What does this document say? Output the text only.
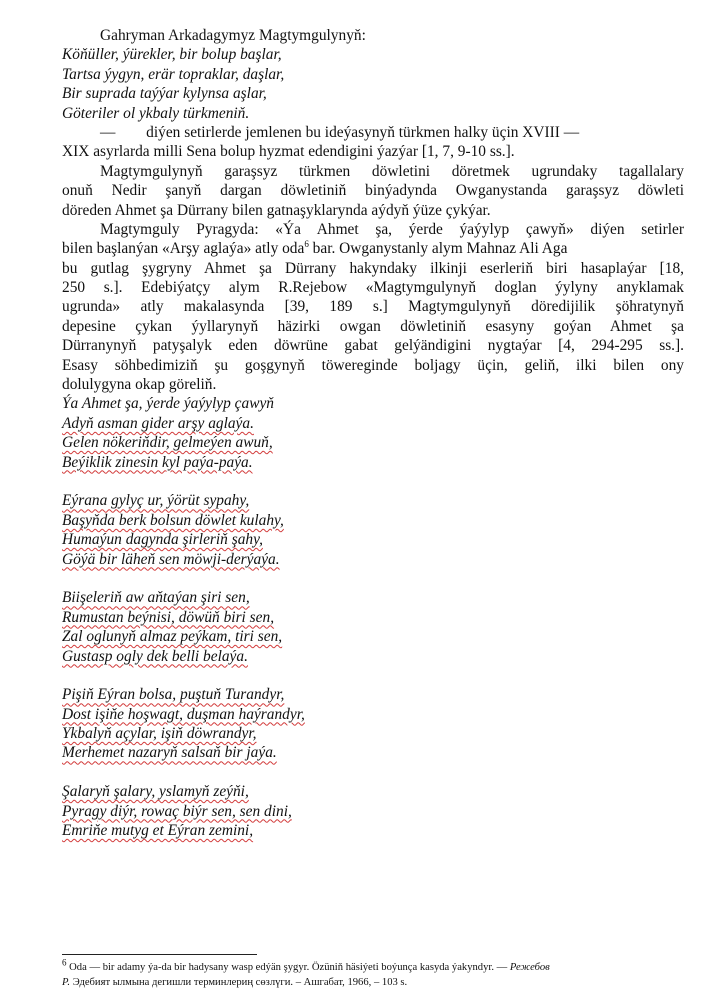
Gahryman Arkadagymyz Magtymgulynyň:
Köňüller, ýürekler, bir bolup başlar,
Tartsa ýygyn, erär topraklar, daşlar,
Bir suprada taýýar kylynsa aşlar,
Göteriler ol ykbaly türkmeniň.
—        diýen setirlerde jemlenen bu ideýasynyň türkmen halky üçin XVIII —
XIX asyrlarda milli Sena bolup hyzmat edendigini ýazýar [1, 7, 9-10 ss.].
Magtymgulynyň garaşsyz türkmen döwletini döretmek ugrundaky tagallalary
onuň Nedir şanyň dargan döwletiniň binýadynda Owganystanda garaşsyz döwleti
döreden Ahmet şa Dürrany bilen gatnaşyklarynda aýdyň ýüze çykýar.
Magtymguly Pyragyda: «Ýa Ahmet şa, ýerde ýaýylyp çawyň» diýen setirler
bilen başlanýan «Arşy aglaýa» atly oda$^6$ bar. Owganystanly alym Mahnaz Ali Aga
bu gutlag şygryny Ahmet şa Dürrany hakyndaky ilkinji eserleriň biri hasaplaýar [18,
250 s.]. Edebiýatçy alym R.Rejebow «Magtymgulynyň doglan ýylyny anyklamak
ugrunda» atly makalasynda [39, 189 s.] Magtymgulynyň döredijilik şöhratynyň
depesine çykan ýyllarynyň häzirki owgan döwletiniň esasyny goýan Ahmet şa
Dürranynyň patyşalyk eden döwrüne gabat gelýändigini nygtaýar [4, 294-295 ss.].
Esasy söhbedimiziň şu goşgynyň töwereginde boljagy üçin, geliň, ilki bilen ony
dolulygyna okap göreliň.
Ýa Ahmet şa, ýerde ýaýylyp çawyň
Adyň asman gider arşy aglaýa.
Gelen nökeriňdir, gelmeýen awuň,
Beýiklik zinesin kyl paýa-paýa.
Eýrana gylyç ur, ýörüt sypahy,
Başyňda berk bolsun döwlet kulahy,
Humaýun dagynda şirleriň şahy,
Göýä bir läheň sen möwji-derýaýa.
Biişeleriň aw aňtaýan şiri sen,
Rumustan beýnisi, döwüň biri sen,
Zal oglunyň almaz peýkam, tiri sen,
Gustasp ogly dek belli belaýa.
Pişiň Eýran bolsa, puştuň Turandyr,
Dost işiňe hoşwagt, duşman haýrandyr,
Ykbalyň açylar, işiň döwrandyr,
Merhemet nazaryň salsaň bir jaýa.
Şalaryň şalary, yslamyň zeýňi,
Pyragy diýr, rowaç biýr sen, sen dini,
Emriňe mutyg et Eýran zemini,
$^6$ Oda — bir adamy ýa-da bir hadysany wasp edýän şygyr. Özüniň häsiýeti boýunça kasyda ýakyndyr. — Режебов
Р. Эдебият ылмына дегишли терминлериң сөзлүги. – Ашгабат, 1966, – 103 s.
